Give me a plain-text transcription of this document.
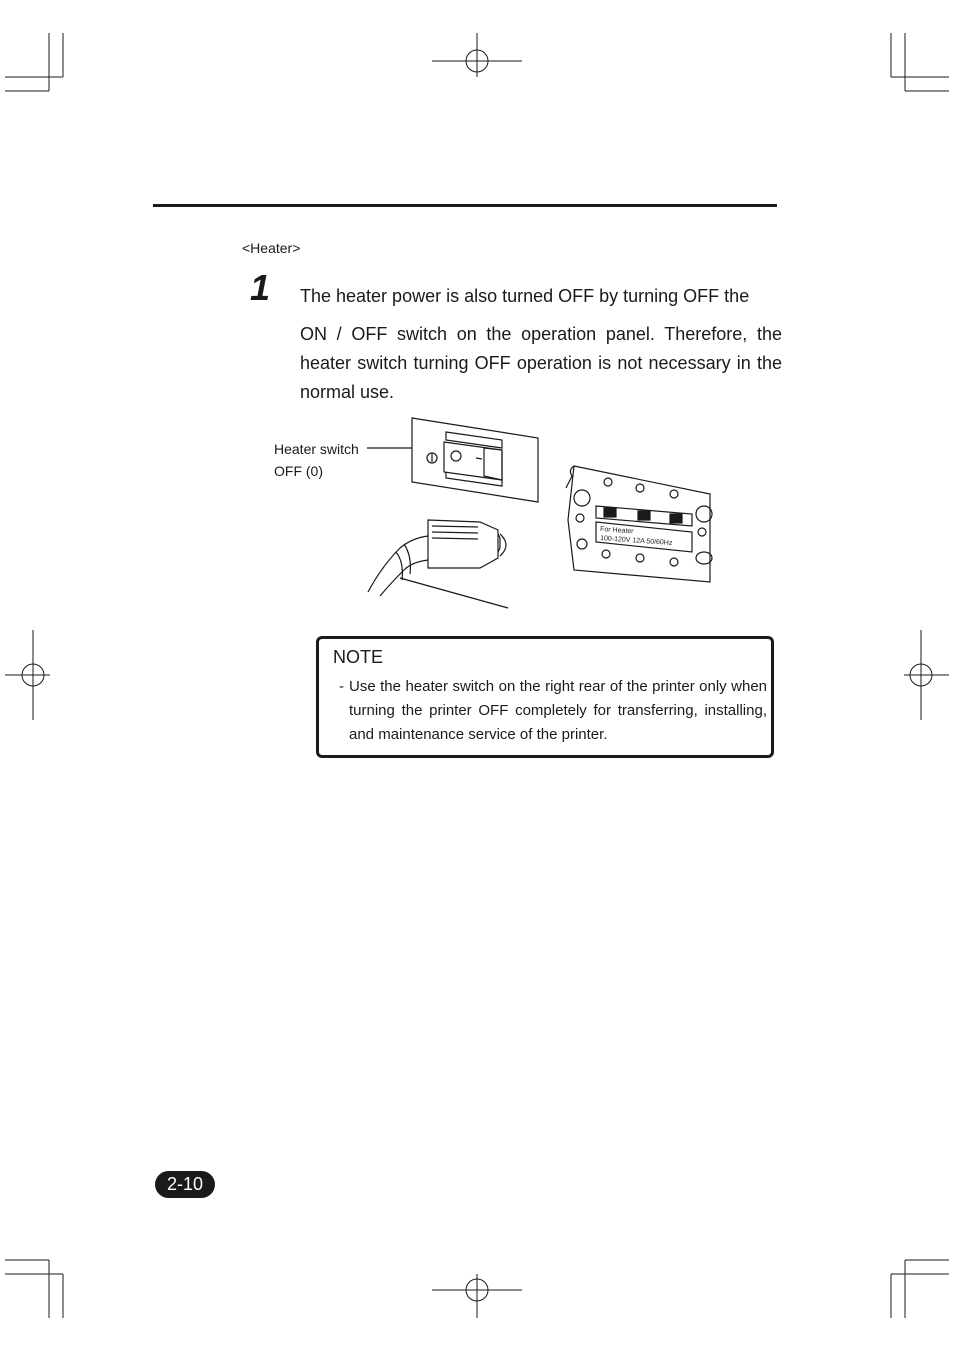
<Heater>
1 The heater power is also turned OFF by turning OFF the
ON / OFF switch on the operation panel. Therefore, the heater switch turning OFF operation is not necessary in the normal use.
Heater switch
OFF (0)
For Heater
100-120V 12A 50/60Hz
NOTE
- Use the heater switch on the right rear of the printer only when turning the printer OFF completely for transferring, installing, and maintenance service of the printer.
2-10
